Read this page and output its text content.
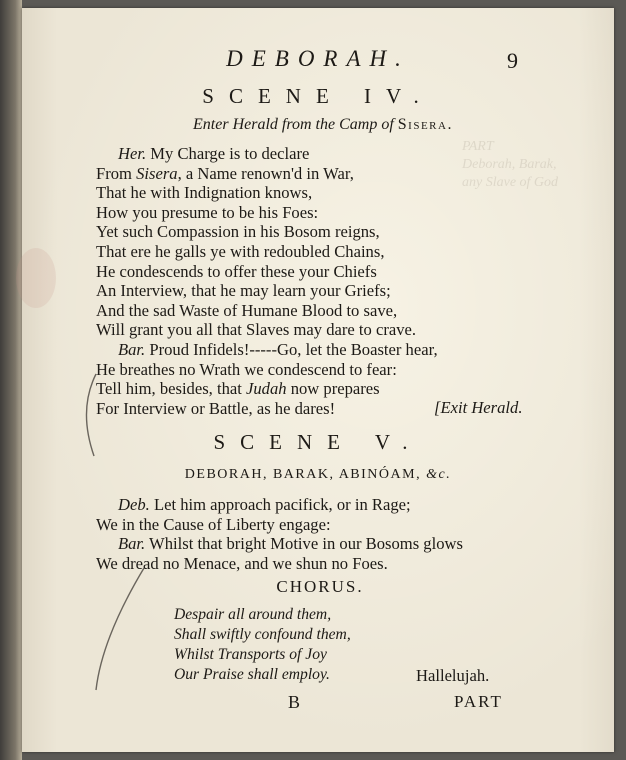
PART
Deborah, Barak,
any Slave of God
DEBORAH.	9
SCENE IV.
Enter Herald from the Camp of Sisera.
Her. My Charge is to declare
From Sisera, a Name renown'd in War,
That he with Indignation knows,
How you presume to be his Foes:
Yet such Compassion in his Bosom reigns,
That ere he galls ye with redoubled Chains,
He condescends to offer these your Chiefs
An Interview, that he may learn your Griefs;
And the sad Waste of Humane Blood to save,
Will grant you all that Slaves may dare to crave.
Bar. Proud Infidels!-----Go, let the Boaster hear,
He breathes no Wrath we condescend to fear:
Tell him, besides, that Judah now prepares
For Interview or Battle, as he dares!	[Exit Herald.
SCENE V.
DEBORAH, BARAK, ABINÓAM, &c.
Deb. Let him approach pacifick, or in Rage;
We in the Cause of Liberty engage:
Bar. Whilst that bright Motive in our Bosoms glows
We dread no Menace, and we shun no Foes.
CHORUS.
Despair all around them,
Shall swiftly confound them,
Whilst Transports of Joy
Our Praise shall employ.	Hallelujah.
B	PART
